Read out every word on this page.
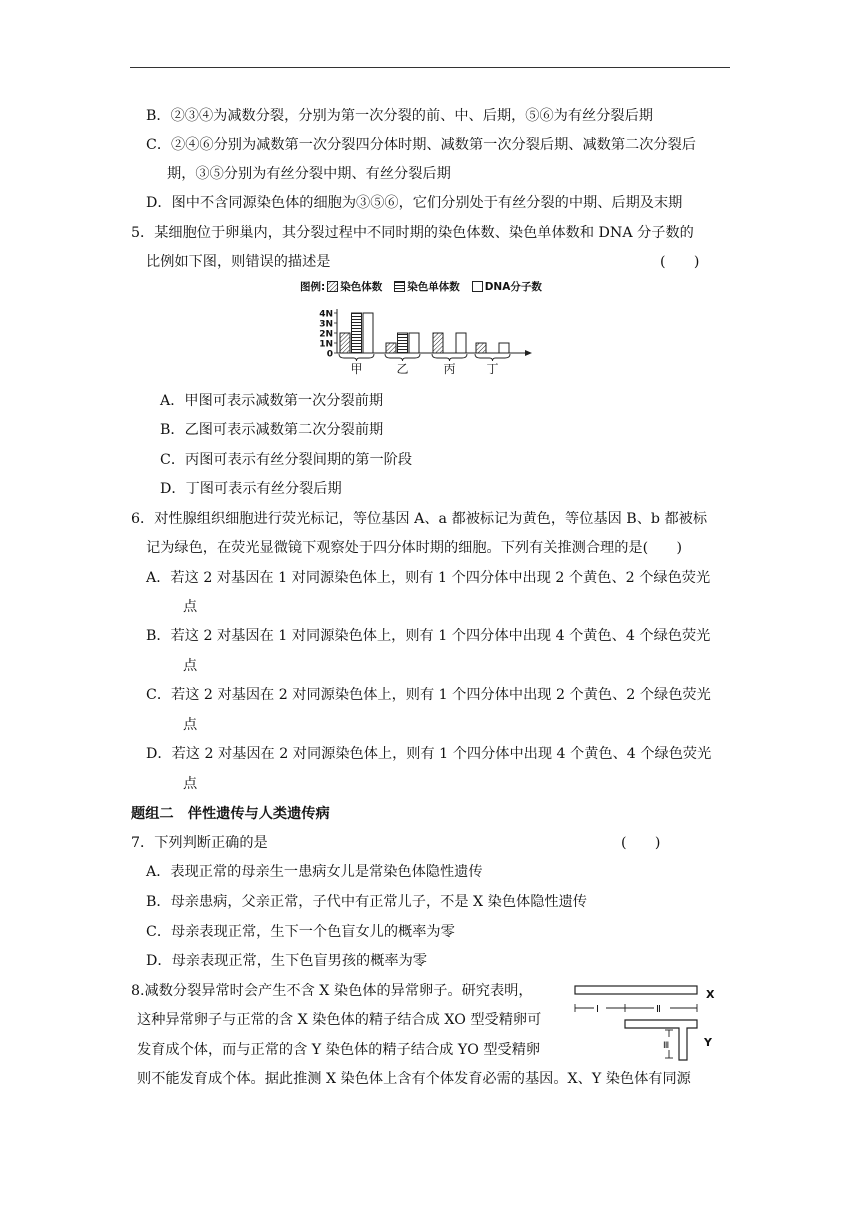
B．②③④为减数分裂，分别为第一次分裂的前、中、后期，⑤⑥为有丝分裂后期
C．②④⑥分别为减数第一次分裂四分体时期、减数第一次分裂后期、减数第二次分裂后
期，③⑤分别为有丝分裂中期、有丝分裂后期
D．图中不含同源染色体的细胞为③⑤⑥，它们分别处于有丝分裂的中期、后期及末期
5．某细胞位于卵巢内，其分裂过程中不同时期的染色体数、染色单体数和 DNA 分子数的
比例如下图，则错误的描述是	(　　)
图例: 染色体数 染色单体数 DNA分子数
0
1N
2N
3N
4N
甲	乙	丙	丁
A．甲图可表示减数第一次分裂前期
B．乙图可表示减数第二次分裂前期
C．丙图可表示有丝分裂间期的第一阶段
D．丁图可表示有丝分裂后期
6．对性腺组织细胞进行荧光标记，等位基因 A、a 都被标记为黄色，等位基因 B、b 都被标
记为绿色，在荧光显微镜下观察处于四分体时期的细胞。下列有关推测合理的是(　　)
A．若这 2 对基因在 1 对同源染色体上，则有 1 个四分体中出现 2 个黄色、2 个绿色荧光
点
B．若这 2 对基因在 1 对同源染色体上，则有 1 个四分体中出现 4 个黄色、4 个绿色荧光
点
C．若这 2 对基因在 2 对同源染色体上，则有 1 个四分体中出现 2 个黄色、2 个绿色荧光
点
D．若这 2 对基因在 2 对同源染色体上，则有 1 个四分体中出现 4 个黄色、4 个绿色荧光
点
题组二　伴性遗传与人类遗传病
7．下列判断正确的是	(　　)
A．表现正常的母亲生一患病女儿是常染色体隐性遗传
B．母亲患病，父亲正常，子代中有正常儿子，不是 X 染色体隐性遗传
C．母亲表现正常，生下一个色盲女儿的概率为零
D．母亲表现正常，生下色盲男孩的概率为零
8.减数分裂异常时会产生不含 X 染色体的异常卵子。研究表明，
这种异常卵子与正常的含 X 染色体的精子结合成 XO 型受精卵可
发育成个体，而与正常的含 Y 染色体的精子结合成 YO 型受精卵
则不能发育成个体。据此推测 X 染色体上含有个体发育必需的基因。X、Y 染色体有同源
X
Ⅰ	Ⅱ
Ⅲ	Y
